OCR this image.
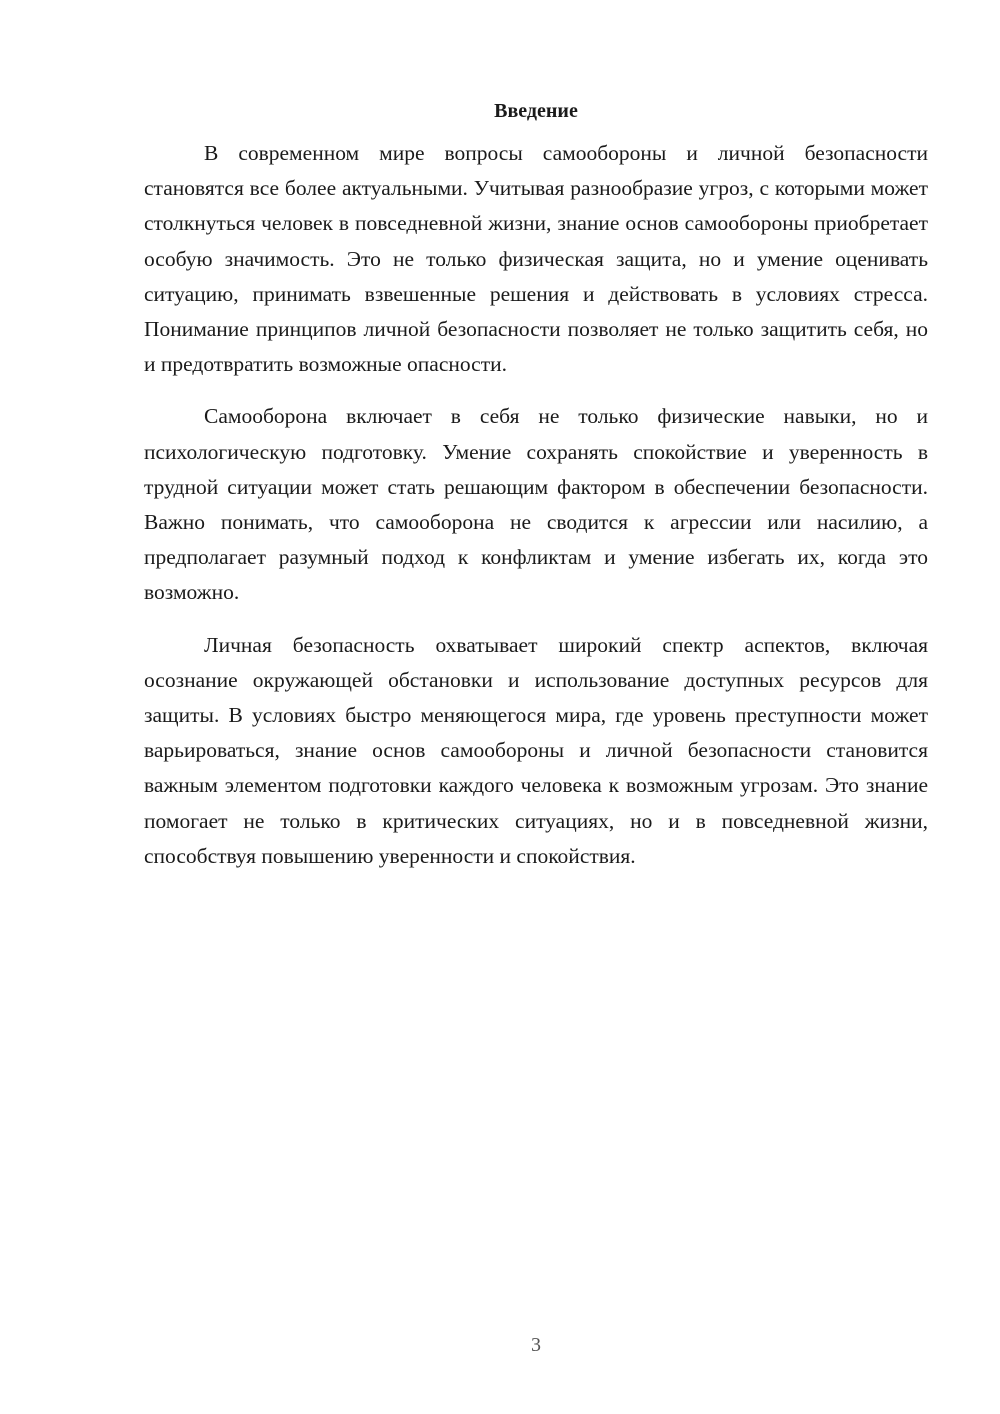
Введение

В современном мире вопросы самообороны и личной безопасности становятся все более актуальными. Учитывая разнообразие угроз, с которыми может столкнуться человек в повседневной жизни, знание основ самообороны приобретает особую значимость. Это не только физическая защита, но и умение оценивать ситуацию, принимать взвешенные решения и действовать в условиях стресса. Понимание принципов личной безопасности позволяет не только защитить себя, но и предотвратить возможные опасности.

Самооборона включает в себя не только физические навыки, но и психологическую подготовку. Умение сохранять спокойствие и уверенность в трудной ситуации может стать решающим фактором в обеспечении безопасности. Важно понимать, что самооборона не сводится к агрессии или насилию, а предполагает разумный подход к конфликтам и умение избегать их, когда это возможно.

Личная безопасность охватывает широкий спектр аспектов, включая осознание окружающей обстановки и использование доступных ресурсов для защиты. В условиях быстро меняющегося мира, где уровень преступности может варьироваться, знание основ самообороны и личной безопасности становится важным элементом подготовки каждого человека к возможным угрозам. Это знание помогает не только в критических ситуациях, но и в повседневной жизни, способствуя повышению уверенности и спокойствия.

3
